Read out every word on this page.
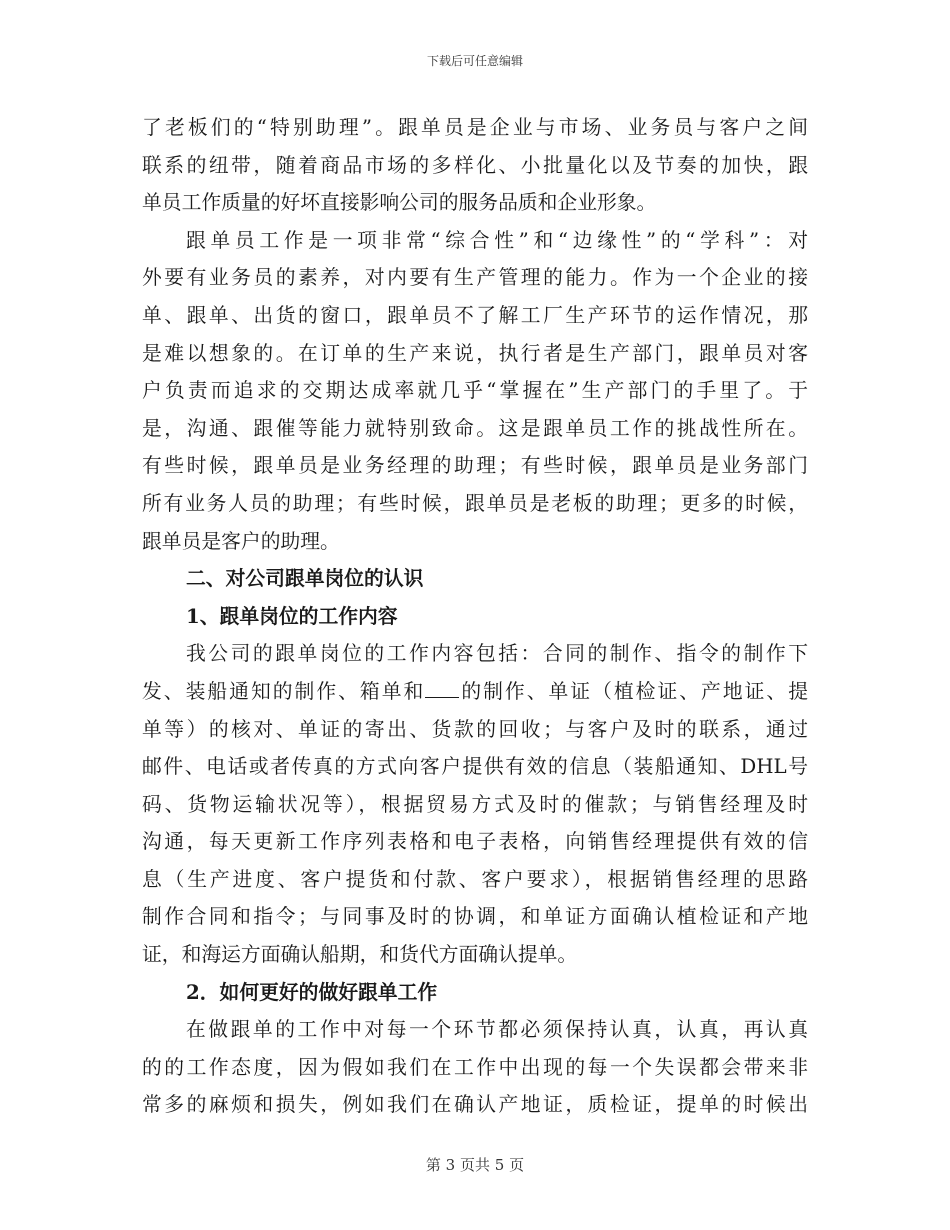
下载后可任意编辑
了老板们的“特别助理”。跟单员是企业与市场、业务员与客户之间
联系的纽带，随着商品市场的多样化、小批量化以及节奏的加快，跟
单员工作质量的好坏直接影响公司的服务品质和企业形象。
跟单员工作是一项非常“综合性”和“边缘性”的“学科”：对
外要有业务员的素养，对内要有生产管理的能力。作为一个企业的接
单、跟单、出货的窗口，跟单员不了解工厂生产环节的运作情况，那
是难以想象的。在订单的生产来说，执行者是生产部门，跟单员对客
户负责而追求的交期达成率就几乎“掌握在”生产部门的手里了。于
是，沟通、跟催等能力就特别致命。这是跟单员工作的挑战性所在。
有些时候，跟单员是业务经理的助理；有些时候，跟单员是业务部门
所有业务人员的助理；有些时候，跟单员是老板的助理；更多的时候，
跟单员是客户的助理。
二、对公司跟单岗位的认识
1、跟单岗位的工作内容
我公司的跟单岗位的工作内容包括：合同的制作、指令的制作下
发、装船通知的制作、箱单和 的制作、单证（植检证、产地证、提
单等）的核对、单证的寄出、货款的回收；与客户及时的联系，通过
邮件、电话或者传真的方式向客户提供有效的信息（装船通知、DHL号
码、货物运输状况等），根据贸易方式及时的催款；与销售经理及时
沟通，每天更新工作序列表格和电子表格，向销售经理提供有效的信
息（生产进度、客户提货和付款、客户要求），根据销售经理的思路
制作合同和指令；与同事及时的协调，和单证方面确认植检证和产地
证，和海运方面确认船期，和货代方面确认提单。
2．如何更好的做好跟单工作
在做跟单的工作中对每一个环节都必须保持认真，认真，再认真
的的工作态度，因为假如我们在工作中出现的每一个失误都会带来非
常多的麻烦和损失，例如我们在确认产地证，质检证，提单的时候出
第 3 页共 5 页
